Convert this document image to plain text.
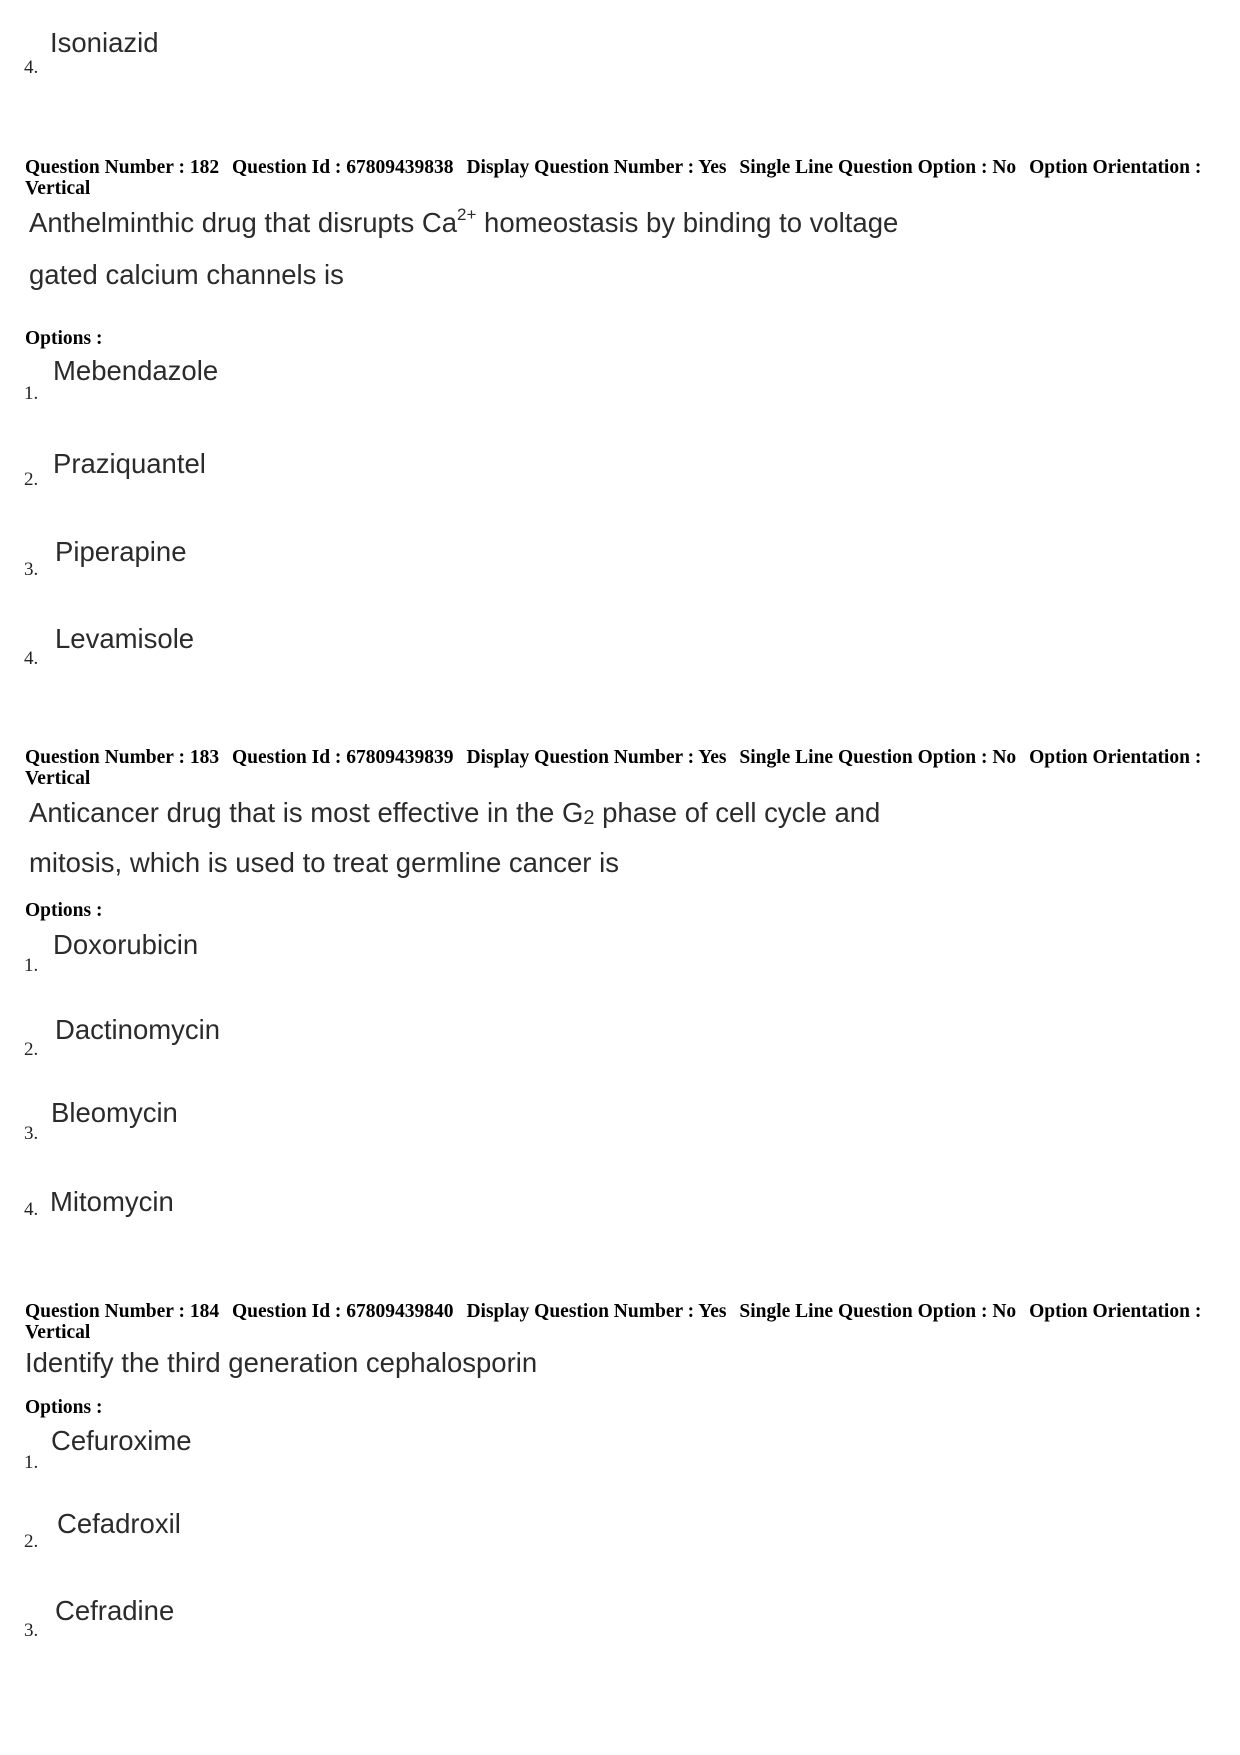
Isoniazid
4.

Question Number : 182 Question Id : 67809439838 Display Question Number : Yes Single Line Question Option : No Option Orientation : Vertical

Anthelminthic drug that disrupts $Ca^{2+}$ homeostasis by binding to voltage
gated calcium channels is
Options :
Mebendazole
1.
Praziquantel
2.
Piperapine
3.
Levamisole
4.

Question Number : 183 Question Id : 67809439839 Display Question Number : Yes Single Line Question Option : No Option Orientation : Vertical

Anticancer drug that is most effective in the $G_2$ phase of cell cycle and
mitosis, which is used to treat germline cancer is
Options :
Doxorubicin
1.
Dactinomycin
2.
Bleomycin
3.
Mitomycin
4.

Question Number : 184 Question Id : 67809439840 Display Question Number : Yes Single Line Question Option : No Option Orientation : Vertical

Identify the third generation cephalosporin
Options :
Cefuroxime
1.
Cefadroxil
2.
Cefradine
3.
